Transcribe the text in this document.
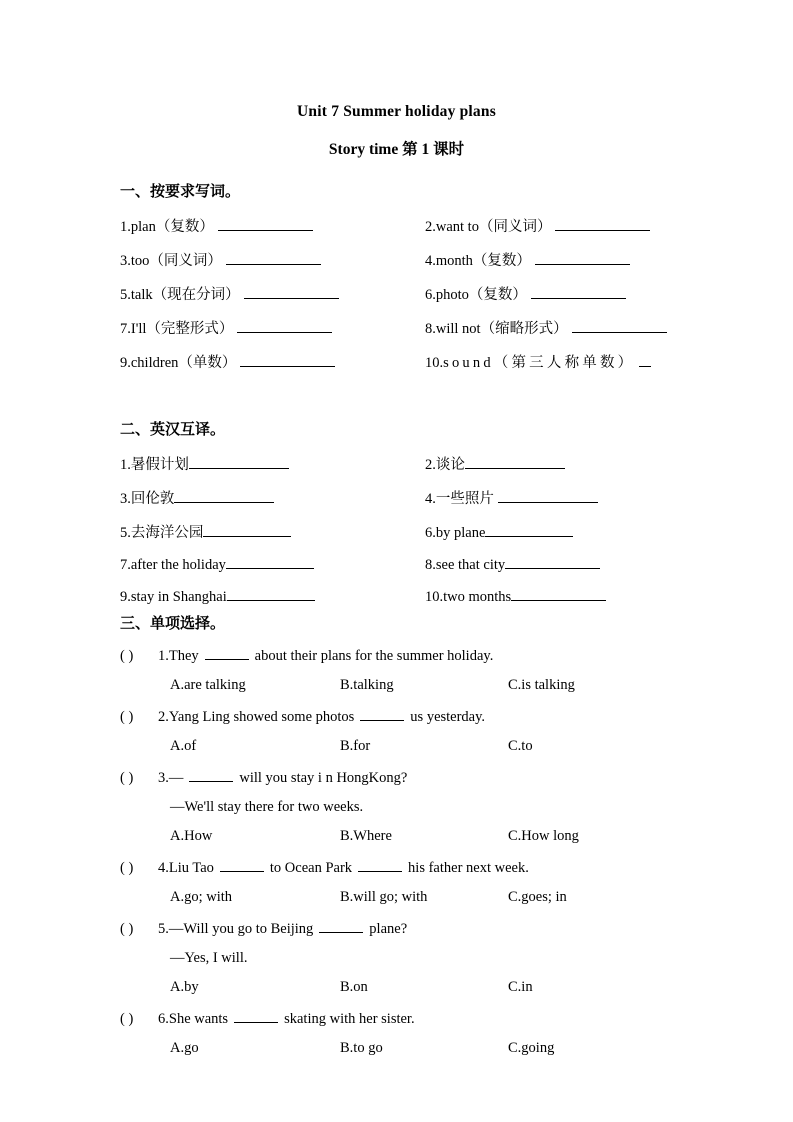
Unit 7 Summer holiday plans
Story time 第 1 课时
一、按要求写词。
1. plan（复数）	2. want to（同义词）
3. too（同义词）	4. month（复数）
5. talk（现在分词）	6. photo（复数）
7. I'll（完整形式）	8. will not（缩略形式）
9. children（单数）	10. sound（第三人称单数）
二、英汉互译。
1. 暑假计划	2. 谈论
3. 回伦敦	4. 一些照片
5. 去海洋公园	6. by plane
7. after the holiday	8. see that city
9. stay in Shanghai	10. two months
三、单项选择。
( )	1. They	about their plans for the summer holiday.
A.are talking	B.talking	C.is talking
( )	2. Yang Ling showed some photos	us yesterday.
A.of	B.for	C.to
( )	3. —	will you stay i n HongKong?
—We'll stay there for two weeks.
A.How	B.Where	C.How long
( )	4. Liu Tao	to Ocean Park	his father next week.
A.go; with	B.will go; with	C.goes; in
( )	5. —Will you go to Beijing	plane?
—Yes, I will.
A.by	B.on	C.in
( )	6. She wants	skating with her sister.
A.go	B.to go	C.going
